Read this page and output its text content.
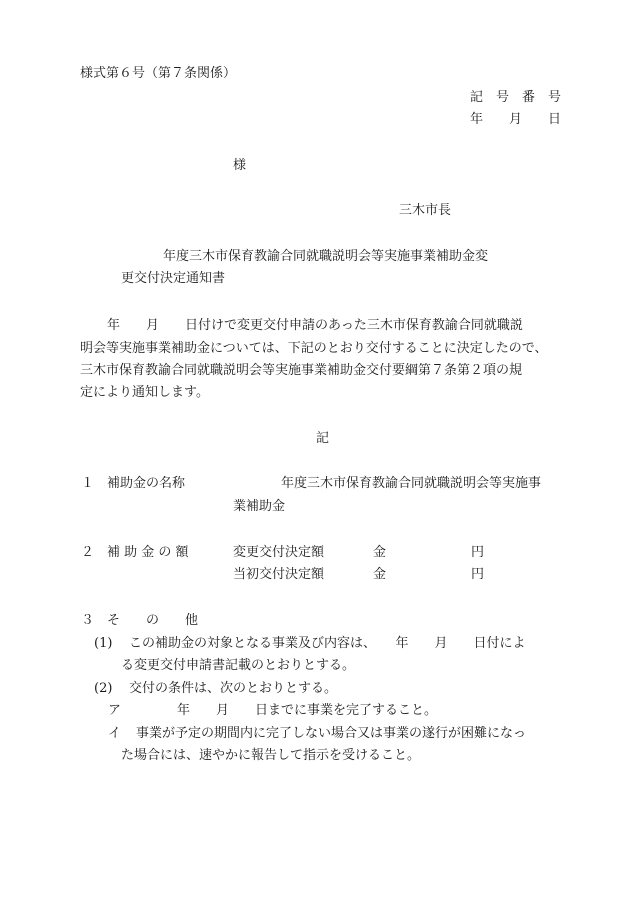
様式第６号（第７条関係）

記　号　番　号

年　　月　　日

様

三木市長

年度三木市保育教諭合同就職説明会等実施事業補助金変

更交付決定通知書

年　　月　　日付けで変更交付申請のあった三木市保育教諭合同就職説

明会等実施事業補助金については、下記のとおり交付することに決定したので、

三木市保育教諭合同就職説明会等実施事業補助金交付要綱第７条第２項の規

定により通知します。

記

１ 補助金の名称	年度三木市保育教諭合同就職説明会等実施事

業補助金

２ 補 助 金 の 額	変更交付決定額	金	円

当初交付決定額	金	円

３ そ　　の　　他

(1) この補助金の対象となる事業及び内容は、　　年　　月　　日付によ

る変更交付申請書記載のとおりとする。

(2) 交付の条件は、次のとおりとする。

ア	年　　月　　日までに事業を完了すること。

イ 事業が予定の期間内に完了しない場合又は事業の遂行が困難になっ

た場合には、速やかに報告して指示を受けること。
